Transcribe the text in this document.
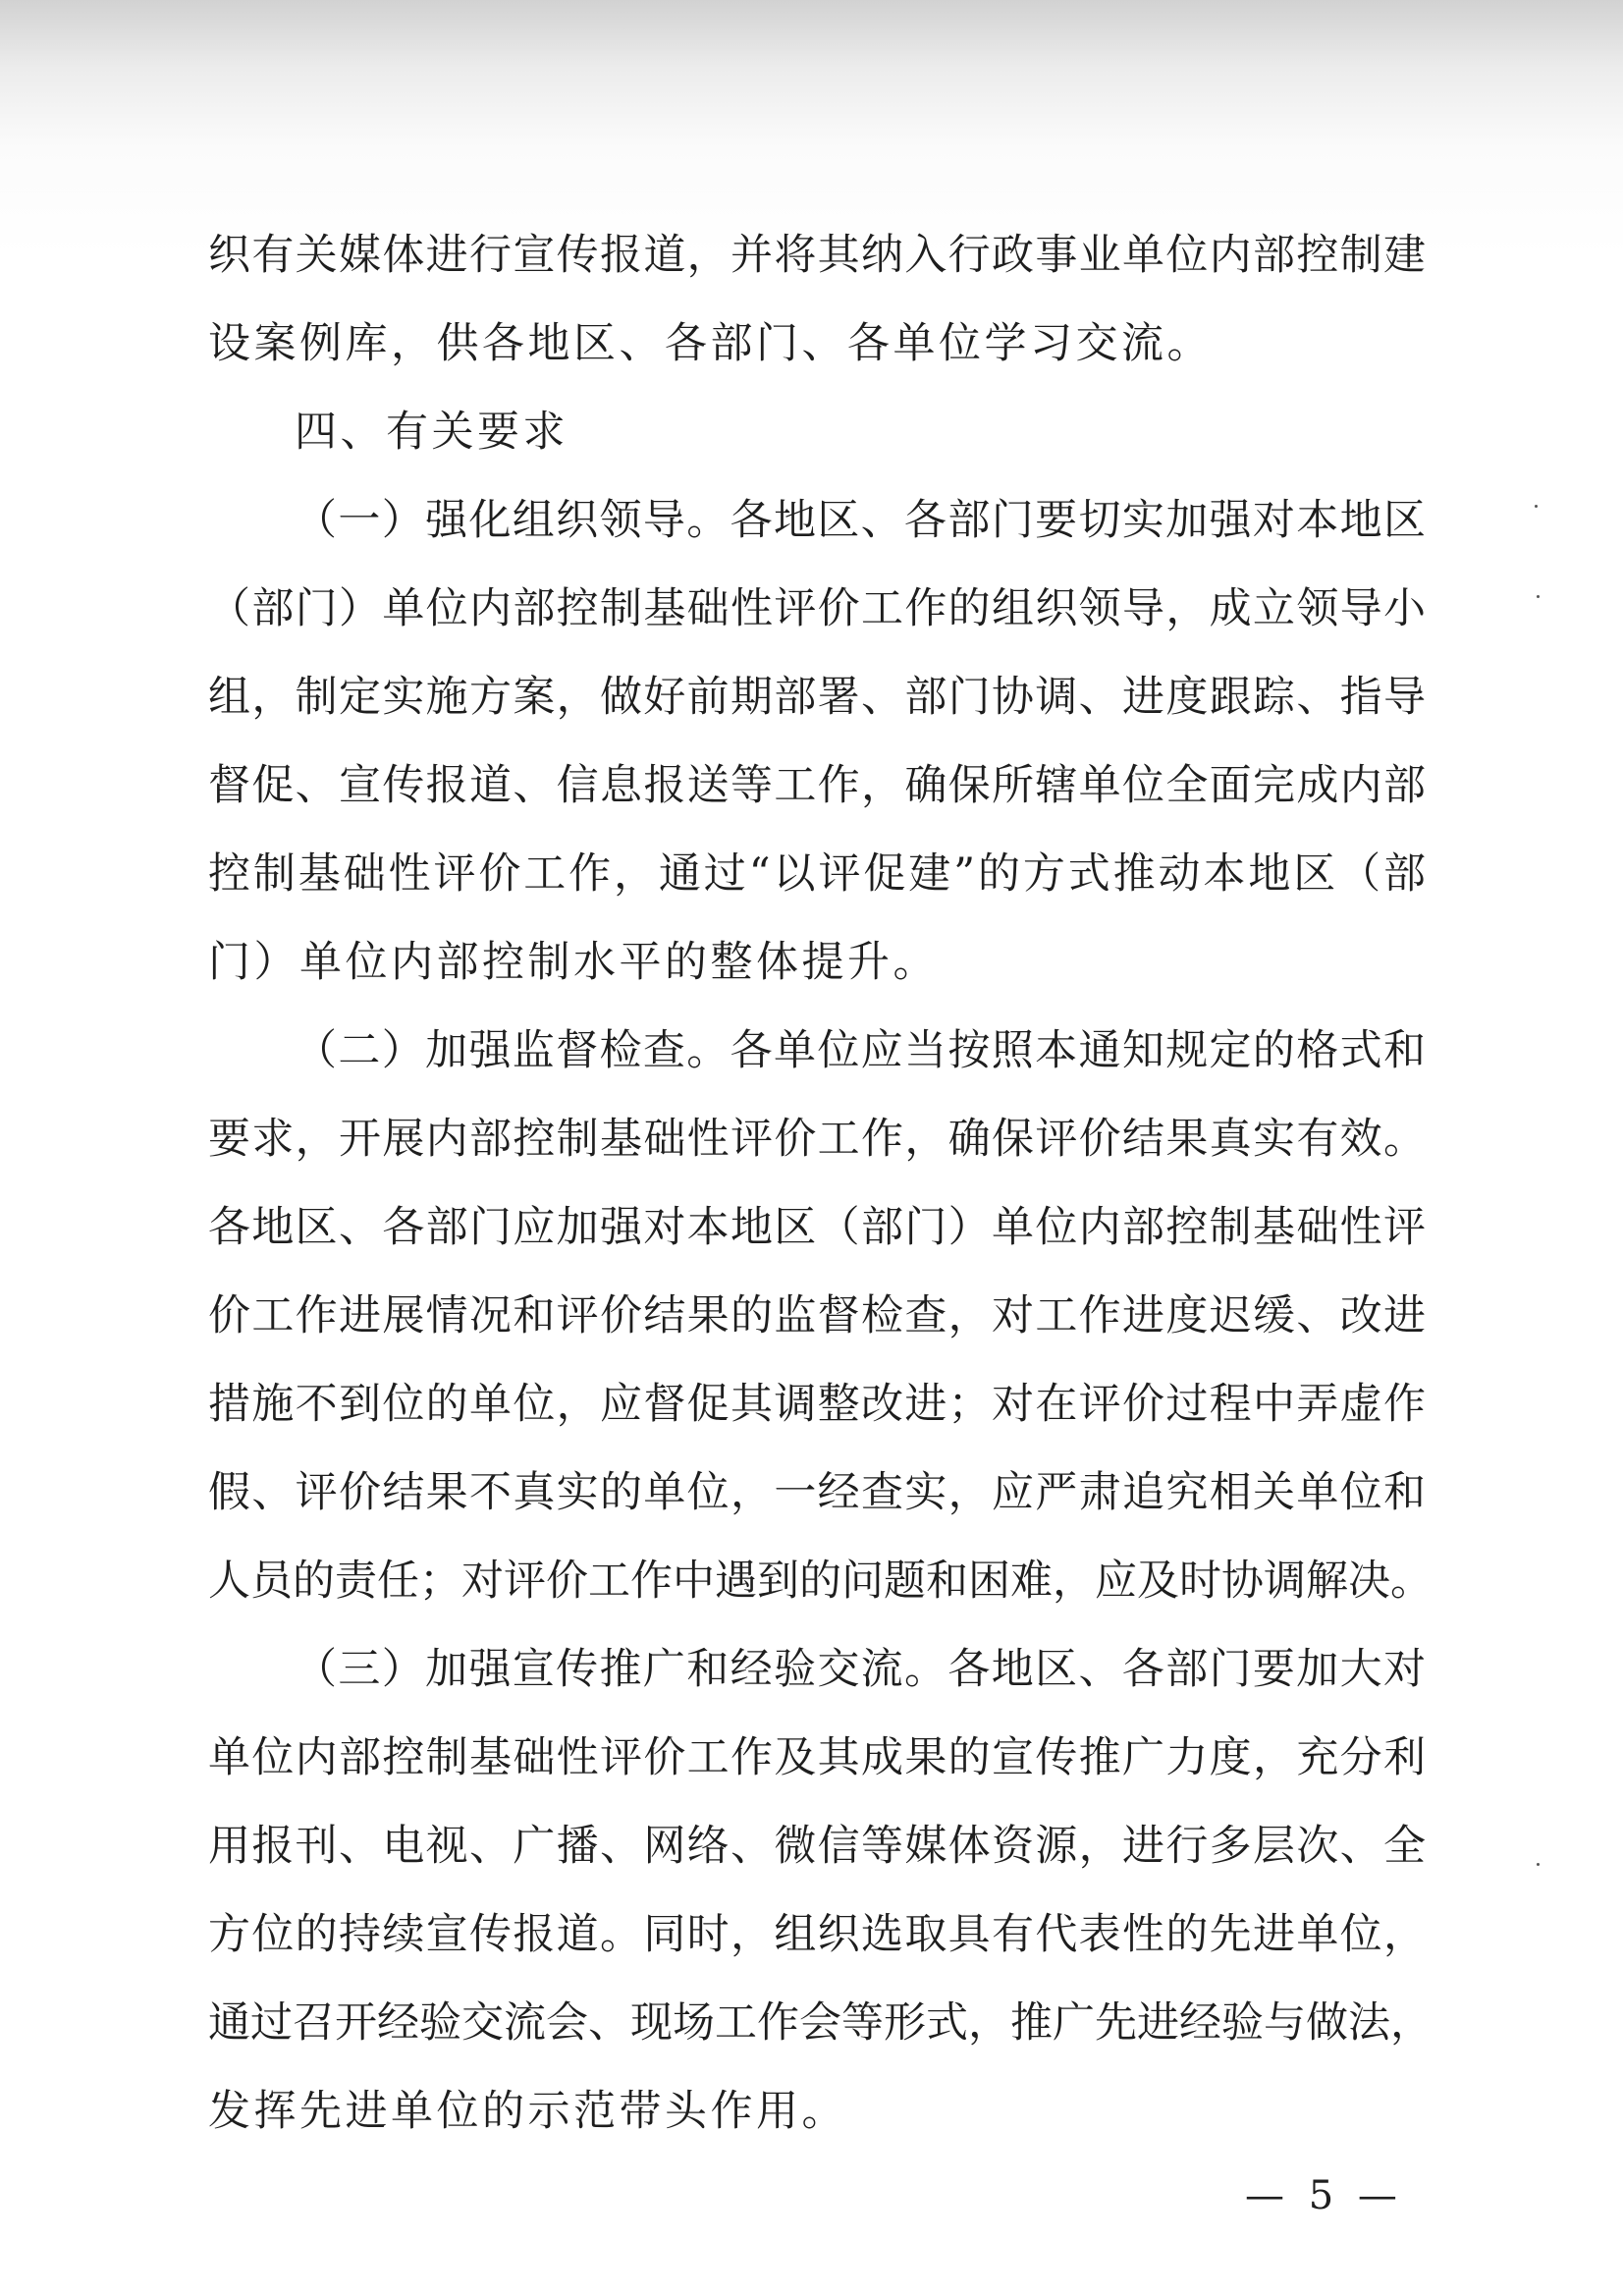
织有关媒体进行宣传报道，并将其纳入行政事业单位内部控制建

设案例库，供各地区、各部门、各单位学习交流。

四、有关要求

（一）强化组织领导。各地区、各部门要切实加强对本地区

（部门）单位内部控制基础性评价工作的组织领导，成立领导小

组，制定实施方案，做好前期部署、部门协调、进度跟踪、指导

督促、宣传报道、信息报送等工作，确保所辖单位全面完成内部

控制基础性评价工作，通过“以评促建”的方式推动本地区（部

门）单位内部控制水平的整体提升。

（二）加强监督检查。各单位应当按照本通知规定的格式和

要求，开展内部控制基础性评价工作，确保评价结果真实有效。

各地区、各部门应加强对本地区（部门）单位内部控制基础性评

价工作进展情况和评价结果的监督检查，对工作进度迟缓、改进

措施不到位的单位，应督促其调整改进；对在评价过程中弄虚作

假、评价结果不真实的单位，一经查实，应严肃追究相关单位和

人员的责任；对评价工作中遇到的问题和困难，应及时协调解决。

（三）加强宣传推广和经验交流。各地区、各部门要加大对

单位内部控制基础性评价工作及其成果的宣传推广力度，充分利

用报刊、电视、广播、网络、微信等媒体资源，进行多层次、全

方位的持续宣传报道。同时，组织选取具有代表性的先进单位，

通过召开经验交流会、现场工作会等形式，推广先进经验与做法，

发挥先进单位的示范带头作用。

— 5 —
